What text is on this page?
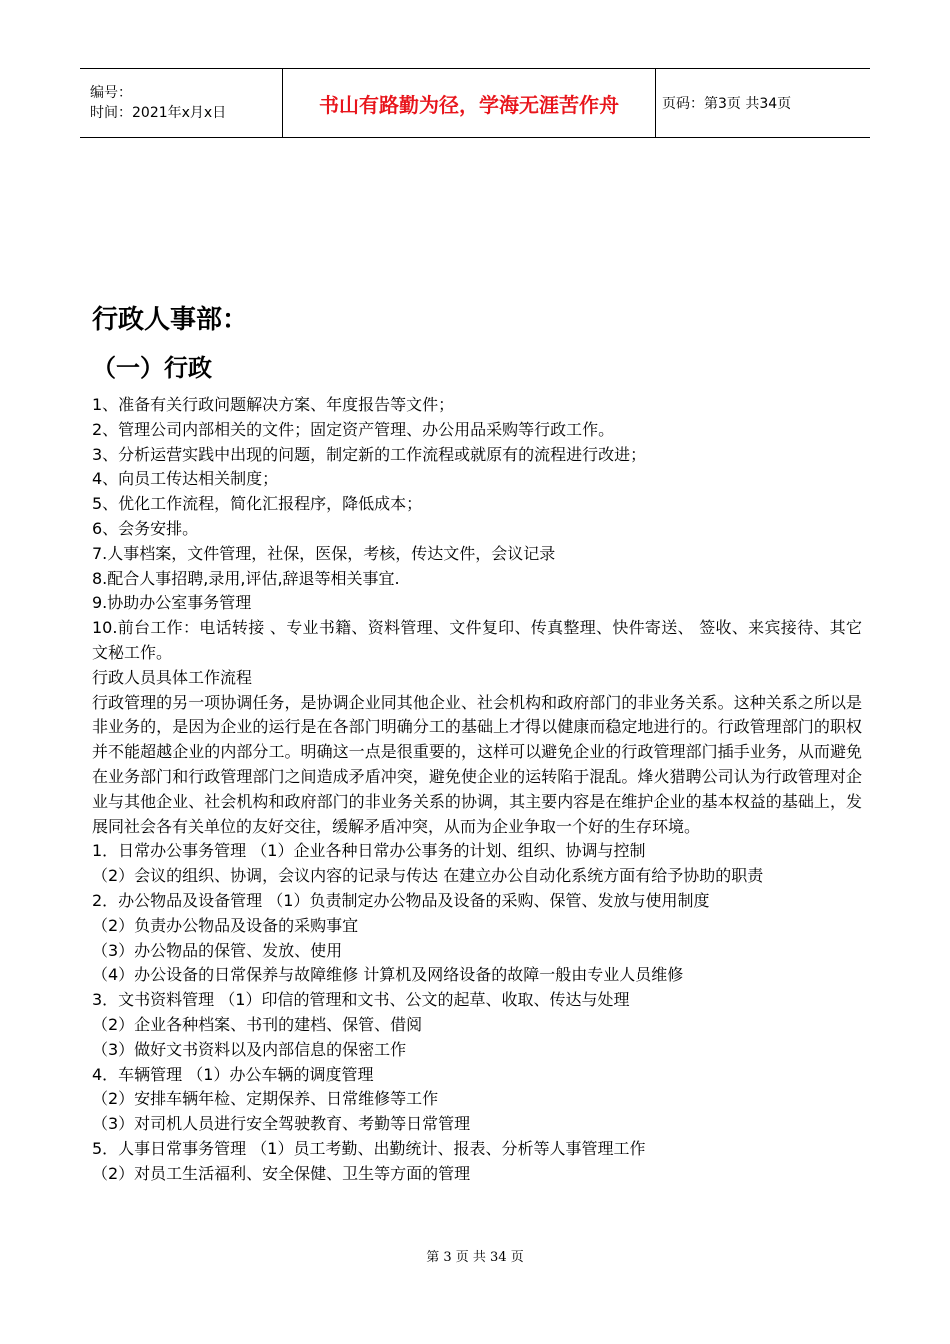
编号：
时间：2021年x月x日	书山有路勤为径，学海无涯苦作舟	页码：第3页 共34页
行政人事部：
（一）行政
1、准备有关行政问题解决方案、年度报告等文件；
2、管理公司内部相关的文件；固定资产管理、办公用品采购等行政工作。
3、分析运营实践中出现的问题，制定新的工作流程或就原有的流程进行改进；
4、向员工传达相关制度；
5、优化工作流程，简化汇报程序，降低成本；
6、会务安排。
7.人事档案，文件管理，社保，医保，考核，传达文件，会议记录
8.配合人事招聘,录用,评估,辞退等相关事宜.
9.协助办公室事务管理
10.前台工作：电话转接 、专业书籍、资料管理、文件复印、传真整理、快件寄送、 签收、来宾接待、其它文秘工作。
行政人员具体工作流程
行政管理的另一项协调任务，是协调企业同其他企业、社会机构和政府部门的非业务关系。这种关系之所以是非业务的，是因为企业的运行是在各部门明确分工的基础上才得以健康而稳定地进行的。行政管理部门的职权并不能超越企业的内部分工。明确这一点是很重要的，这样可以避免企业的行政管理部门插手业务，从而避免在业务部门和行政管理部门之间造成矛盾冲突，避免使企业的运转陷于混乱。烽火猎聘公司认为行政管理对企业与其他企业、社会机构和政府部门的非业务关系的协调，其主要内容是在维护企业的基本权益的基础上，发展同社会各有关单位的友好交往，缓解矛盾冲突，从而为企业争取一个好的生存环境。
1．日常办公事务管理 （1）企业各种日常办公事务的计划、组织、协调与控制
（2）会议的组织、协调，会议内容的记录与传达 在建立办公自动化系统方面有给予协助的职责
2．办公物品及设备管理 （1）负责制定办公物品及设备的采购、保管、发放与使用制度
（2）负责办公物品及设备的采购事宜
（3）办公物品的保管、发放、使用
（4）办公设备的日常保养与故障维修 计算机及网络设备的故障一般由专业人员维修
3．文书资料管理 （1）印信的管理和文书、公文的起草、收取、传达与处理
（2）企业各种档案、书刊的建档、保管、借阅
（3）做好文书资料以及内部信息的保密工作
4．车辆管理 （1）办公车辆的调度管理
（2）安排车辆年检、定期保养、日常维修等工作
（3）对司机人员进行安全驾驶教育、考勤等日常管理
5．人事日常事务管理 （1）员工考勤、出勤统计、报表、分析等人事管理工作
（2）对员工生活福利、安全保健、卫生等方面的管理
第 3 页 共 34 页
